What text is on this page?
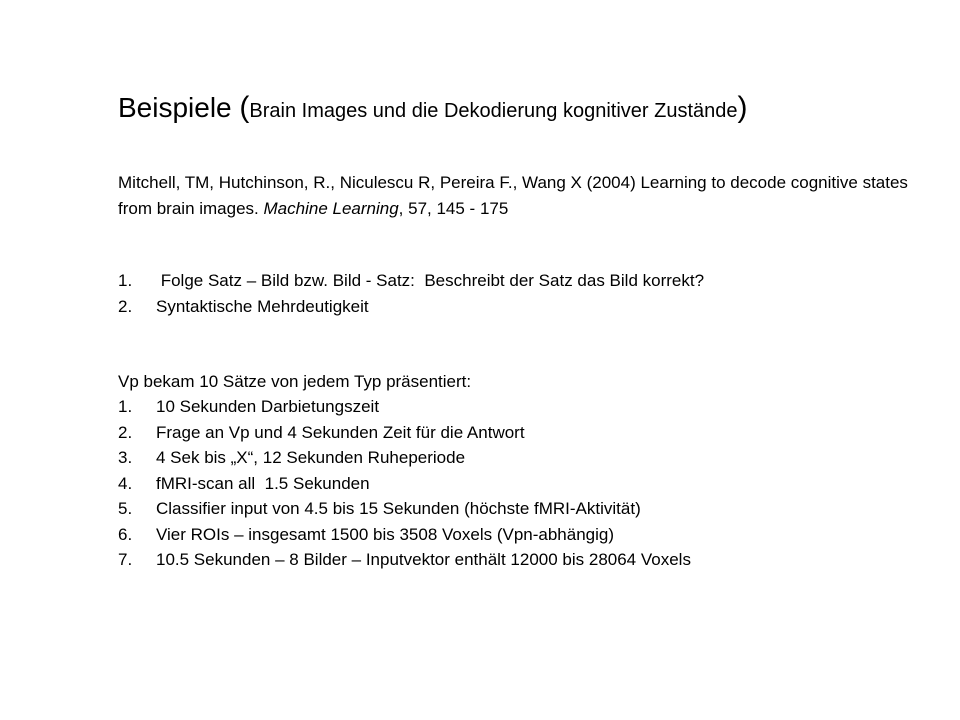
Beispiele (Brain Images und die Dekodierung kognitiver Zustände)
Mitchell, TM, Hutchinson, R., Niculescu R, Pereira F., Wang X (2004) Learning to decode cognitive states from brain images. Machine Learning, 57, 145 - 175
1. Folge Satz – Bild bzw. Bild - Satz:  Beschreibt der Satz das Bild korrekt?
2. Syntaktische Mehrdeutigkeit
Vp bekam 10 Sätze von jedem Typ präsentiert:
1. 10 Sekunden Darbietungszeit
2. Frage an Vp und 4 Sekunden Zeit für die Antwort
3. 4 Sek bis „X“, 12 Sekunden Ruheperiode
4. fMRI-scan all  1.5 Sekunden
5. Classifier input von 4.5 bis 15 Sekunden (höchste fMRI-Aktivität)
6. Vier ROIs – insgesamt 1500 bis 3508 Voxels (Vpn-abhängig)
7. 10.5 Sekunden – 8 Bilder – Inputvektor enthält 12000 bis 28064 Voxels
